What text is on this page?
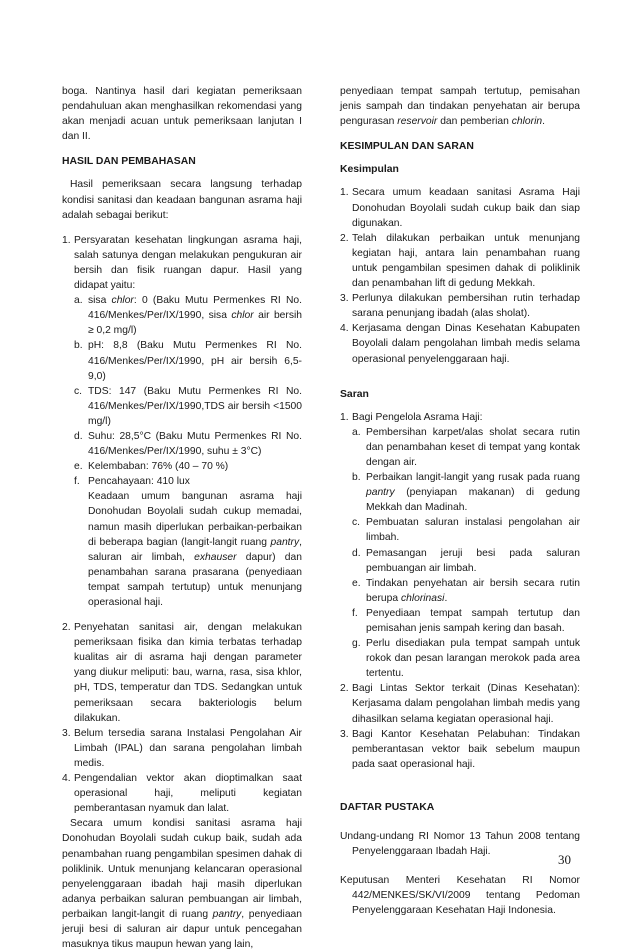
boga. Nantinya hasil dari kegiatan pemeriksaan pendahuluan akan menghasilkan rekomendasi yang akan menjadi acuan untuk pemeriksaan lanjutan I dan II.

HASIL DAN PEMBAHASAN

Hasil pemeriksaan secara langsung terhadap kondisi sanitasi dan keadaan bangunan asrama haji adalah sebagai berikut:

1. Persyaratan kesehatan lingkungan asrama haji, salah satunya dengan melakukan pengukuran air bersih dan fisik ruangan dapur. Hasil yang didapat yaitu:
a. sisa chlor: 0 (Baku Mutu Permenkes RI No. 416/Menkes/Per/IX/1990, sisa chlor air bersih ≥ 0,2 mg/l)
b. pH: 8,8 (Baku Mutu Permenkes RI No. 416/Menkes/Per/IX/1990, pH air bersih 6,5-9,0)
c. TDS: 147 (Baku Mutu Permenkes RI No. 416/Menkes/Per/IX/1990,TDS air bersih <1500 mg/l)
d. Suhu: 28,5°C (Baku Mutu Permenkes RI No. 416/Menkes/Per/IX/1990, suhu ± 3°C)
e. Kelembaban: 76% (40 – 70 %)
f. Pencahayaan: 410 lux
Keadaan umum bangunan asrama haji Donohudan Boyolali sudah cukup memadai, namun masih diperlukan perbaikan-perbaikan di beberapa bagian (langit-langit ruang pantry, saluran air limbah, exhauser dapur) dan penambahan sarana prasarana (penyediaan tempat sampah tertutup) untuk menunjang operasional haji.
2. Penyehatan sanitasi air, dengan melakukan pemeriksaan fisika dan kimia terbatas terhadap kualitas air di asrama haji dengan parameter yang diukur meliputi: bau, warna, rasa, sisa khlor, pH, TDS, temperatur dan TDS. Sedangkan untuk pemeriksaan secara bakteriologis belum dilakukan.
3. Belum tersedia sarana Instalasi Pengolahan Air Limbah (IPAL) dan sarana pengolahan limbah medis.
4. Pengendalian vektor akan dioptimalkan saat operasional haji, meliputi kegiatan pemberantasan nyamuk dan lalat.

Secara umum kondisi sanitasi asrama haji Donohudan Boyolali sudah cukup baik, sudah ada penambahan ruang pengambilan spesimen dahak di poliklinik. Untuk menunjang kelancaran operasional penyelenggaraan ibadah haji masih diperlukan adanya perbaikan saluran pembuangan air limbah, perbaikan langit-langit di ruang pantry, penyediaan jeruji besi di saluran air dapur untuk pencegahan masuknya tikus maupun hewan yang lain,

penyediaan tempat sampah tertutup, pemisahan jenis sampah dan tindakan penyehatan air berupa pengurasan reservoir dan pemberian chlorin.

KESIMPULAN DAN SARAN

Kesimpulan

1. Secara umum keadaan sanitasi Asrama Haji Donohudan Boyolali sudah cukup baik dan siap digunakan.
2. Telah dilakukan perbaikan untuk menunjang kegiatan haji, antara lain penambahan ruang untuk pengambilan spesimen dahak di poliklinik dan penambahan lift di gedung Mekkah.
3. Perlunya dilakukan pembersihan rutin terhadap sarana penunjang ibadah (alas sholat).
4. Kerjasama dengan Dinas Kesehatan Kabupaten Boyolali dalam pengolahan limbah medis selama operasional penyelenggaraan haji.

Saran

1. Bagi Pengelola Asrama Haji:
a. Pembersihan karpet/alas sholat secara rutin dan penambahan keset di tempat yang kontak dengan air.
b. Perbaikan langit-langit yang rusak pada ruang pantry (penyiapan makanan) di gedung Mekkah dan Madinah.
c. Pembuatan saluran instalasi pengolahan air limbah.
d. Pemasangan jeruji besi pada saluran pembuangan air limbah.
e. Tindakan penyehatan air bersih secara rutin berupa chlorinasi.
f. Penyediaan tempat sampah tertutup dan pemisahan jenis sampah kering dan basah.
g. Perlu disediakan pula tempat sampah untuk rokok dan pesan larangan merokok pada area tertentu.
2. Bagi Lintas Sektor terkait (Dinas Kesehatan): Kerjasama dalam pengolahan limbah medis yang dihasilkan selama kegiatan operasional haji.
3. Bagi Kantor Kesehatan Pelabuhan: Tindakan pemberantasan vektor baik sebelum maupun pada saat operasional haji.

DAFTAR PUSTAKA

Undang-undang RI Nomor 13 Tahun 2008 tentang Penyelenggaraan Ibadah Haji.

Keputusan Menteri Kesehatan RI Nomor 442/MENKES/SK/VI/2009 tentang Pedoman Penyelenggaraan Kesehatan Haji Indonesia.

30
